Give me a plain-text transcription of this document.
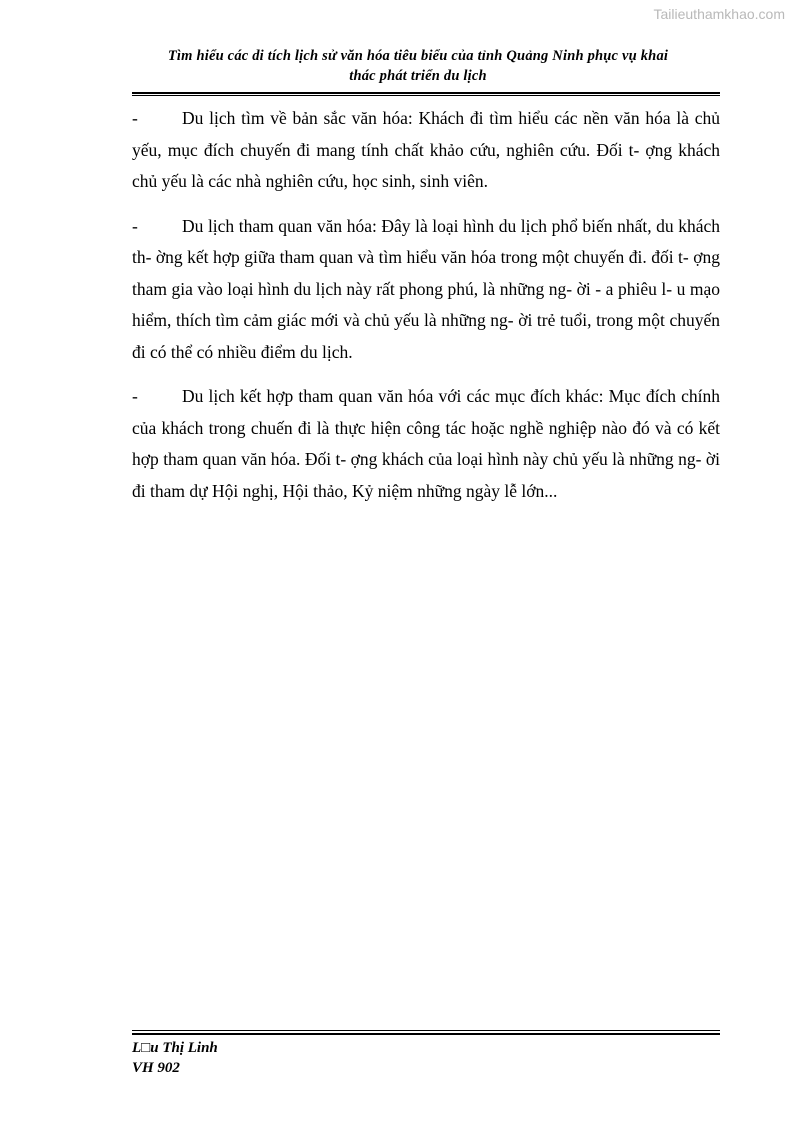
Tailieuthamkhao.com
Tìm hiểu các di tích lịch sử văn hóa tiêu biểu của tỉnh Quảng Ninh phục vụ khai
thác phát triển du lịch

-	Du lịch tìm về bản sắc văn hóa: Khách đi tìm hiểu các nền văn hóa là chủ yếu, mục đích chuyến đi mang tính chất khảo cứu, nghiên cứu. Đối t- ợng khách chủ yếu là các nhà nghiên cứu, học sinh, sinh viên.

-	Du lịch tham quan văn hóa: Đây là loại hình du lịch phổ biến nhất, du khách th- ờng kết hợp giữa tham quan và tìm hiểu văn hóa trong một chuyến đi. đối t- ợng tham gia vào loại hình du lịch này rất phong phú, là những ng- ời - a phiêu l- u mạo hiểm, thích tìm cảm giác mới và chủ yếu là những ng- ời trẻ tuổi, trong một chuyến đi có thể có nhiều điểm du lịch.

-	Du lịch kết hợp tham quan văn hóa với các mục đích khác: Mục đích chính của khách trong chuến đi là thực hiện công tác hoặc nghề nghiệp nào đó và có kết hợp tham quan văn hóa. Đối t- ợng khách của loại hình này chủ yếu là những ng- ời đi tham dự Hội nghị, Hội thảo, Kỷ niệm những ngày lễ lớn...

L□u Thị Linh
VH 902
